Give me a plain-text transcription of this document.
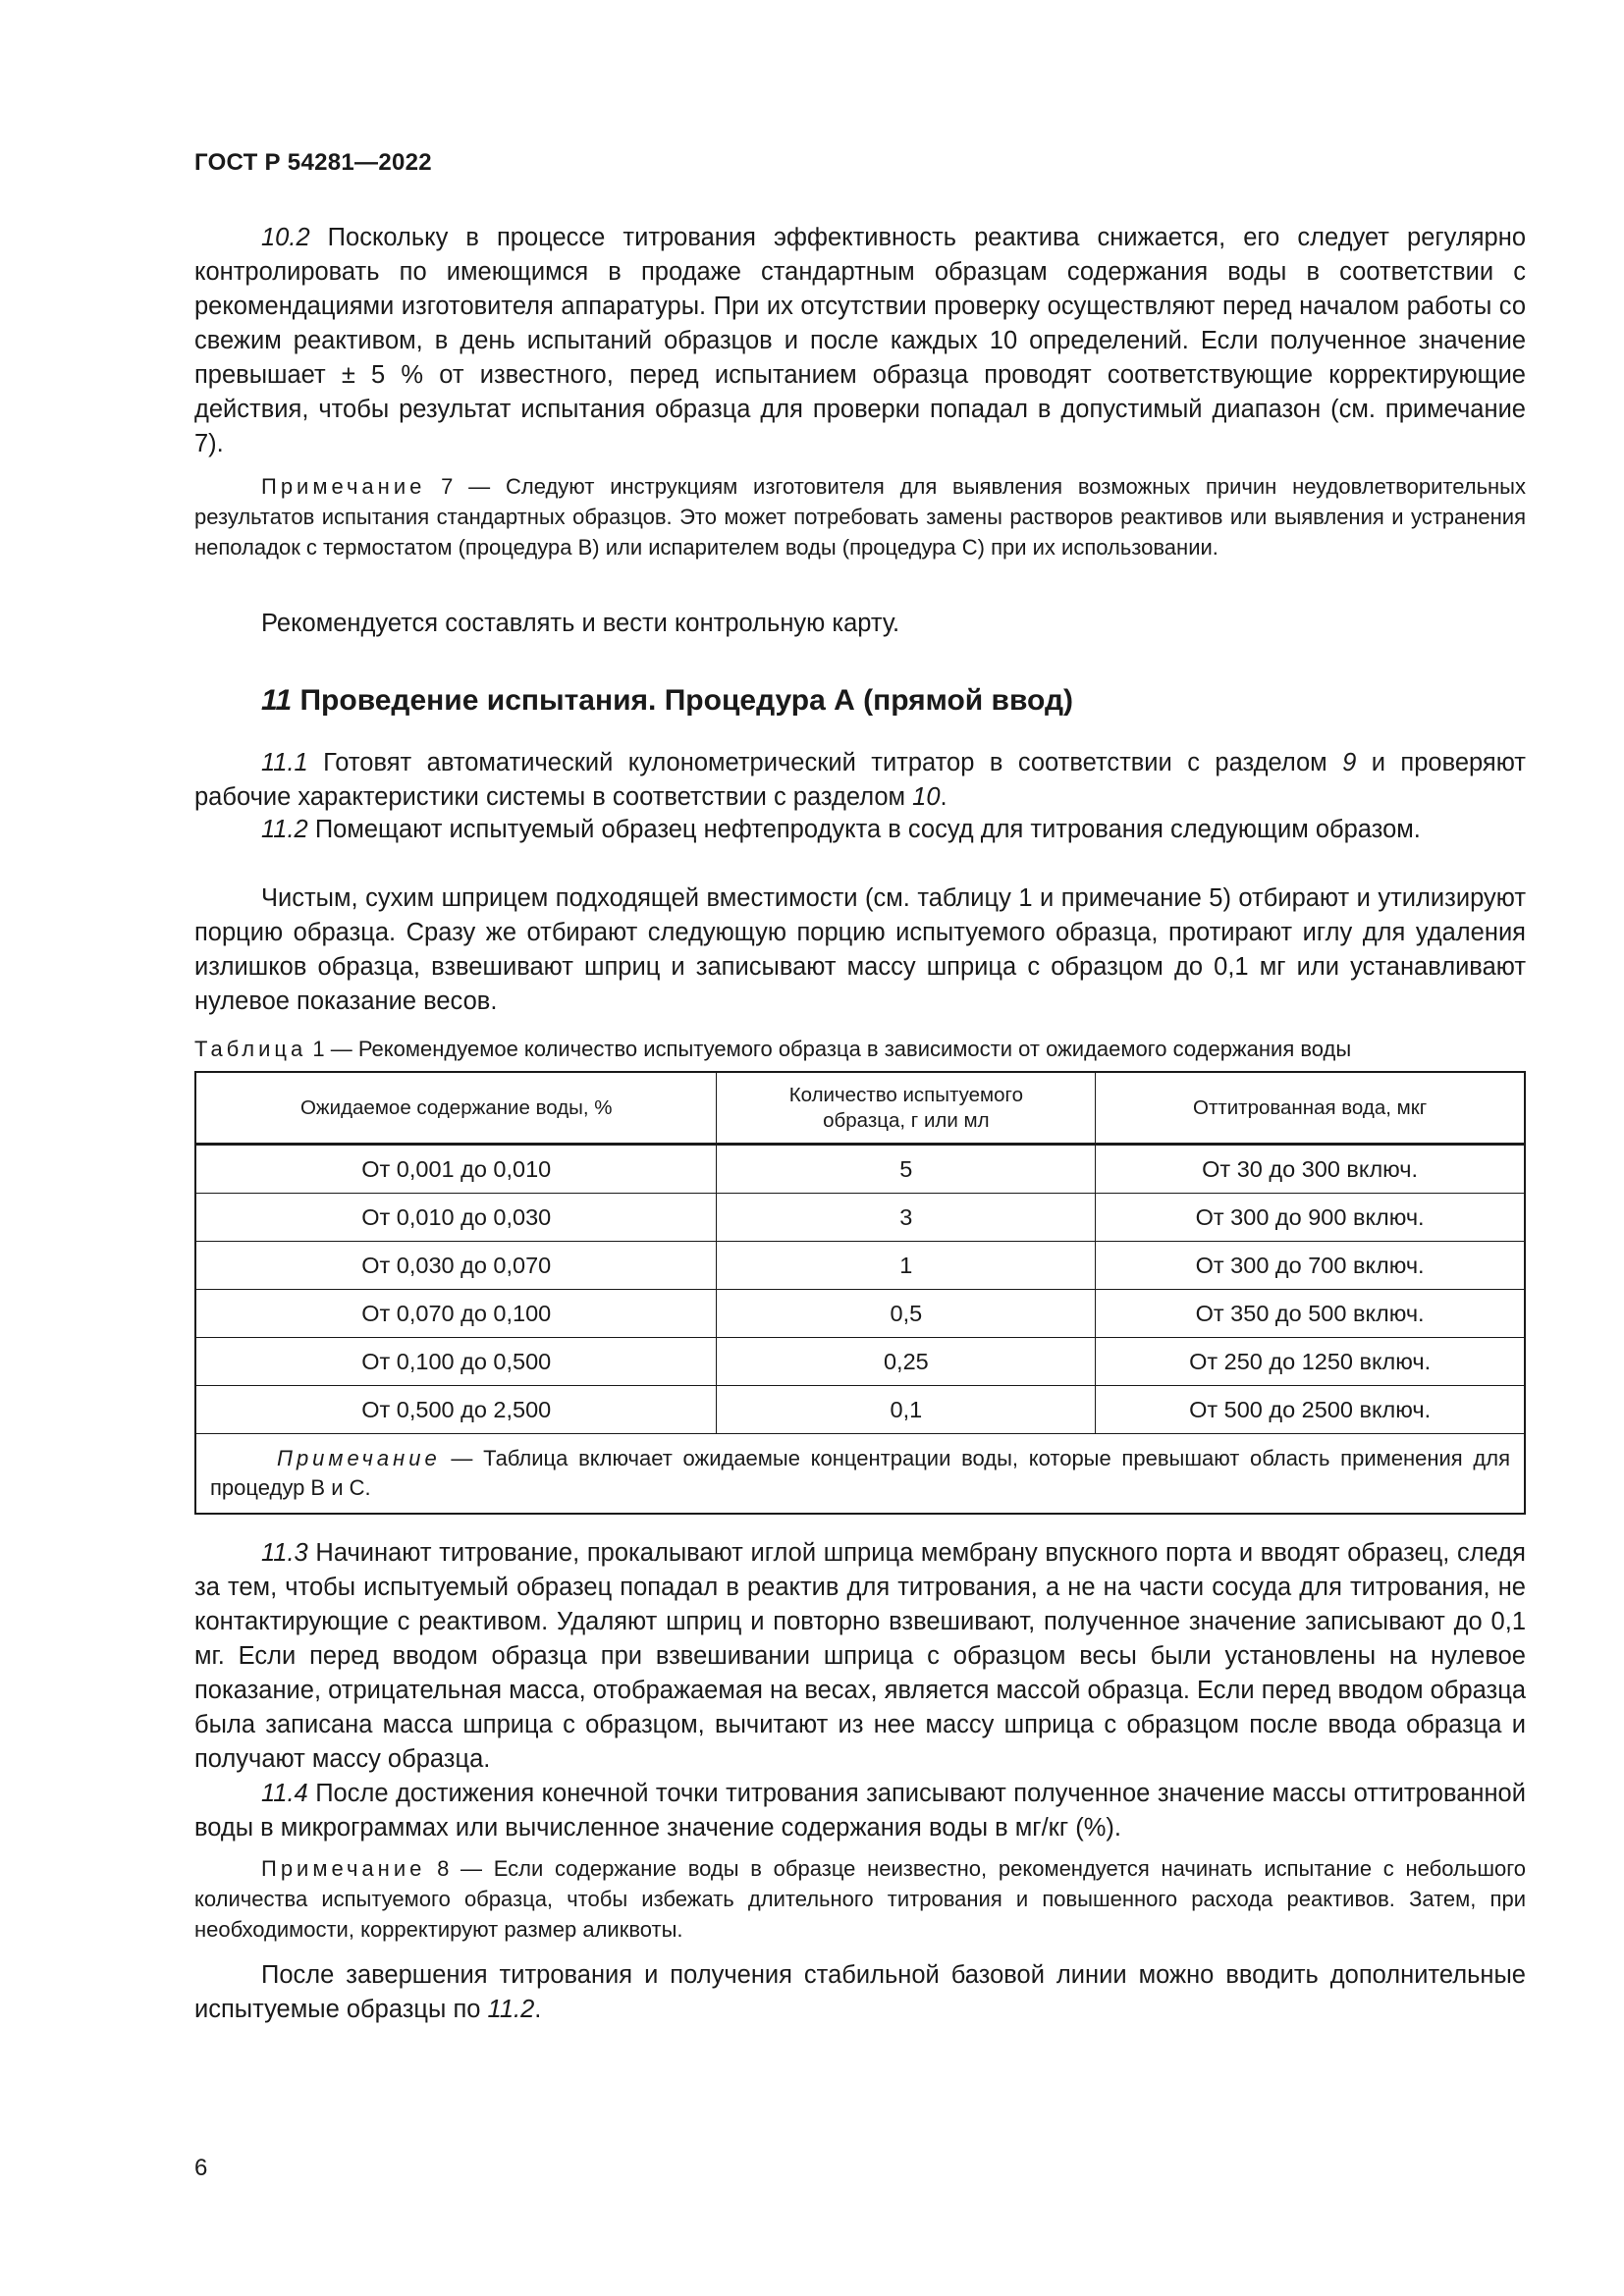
ГОСТ Р 54281—2022

10.2 Поскольку в процессе титрования эффективность реактива снижается, его следует регулярно контролировать по имеющимся в продаже стандартным образцам содержания воды в соответствии с рекомендациями изготовителя аппаратуры. При их отсутствии проверку осуществляют перед началом работы со свежим реактивом, в день испытаний образцов и после каждых 10 определений. Если полученное значение превышает ± 5 % от известного, перед испытанием образца проводят соответствующие корректирующие действия, чтобы результат испытания образца для проверки попадал в допустимый диапазон (см. примечание 7).

Примечание 7 — Следуют инструкциям изготовителя для выявления возможных причин неудовлетворительных результатов испытания стандартных образцов. Это может потребовать замены растворов реактивов или выявления и устранения неполадок с термостатом (процедура B) или испарителем воды (процедура C) при их использовании.

Рекомендуется составлять и вести контрольную карту.

11 Проведение испытания. Процедура А (прямой ввод)

11.1 Готовят автоматический кулонометрический титратор в соответствии с разделом 9 и проверяют рабочие характеристики системы в соответствии с разделом 10.

11.2 Помещают испытуемый образец нефтепродукта в сосуд для титрования следующим образом.

Чистым, сухим шприцем подходящей вместимости (см. таблицу 1 и примечание 5) отбирают и утилизируют порцию образца. Сразу же отбирают следующую порцию испытуемого образца, протирают иглу для удаления излишков образца, взвешивают шприц и записывают массу шприца с образцом до 0,1 мг или устанавливают нулевое показание весов.

Таблица 1 — Рекомендуемое количество испытуемого образца в зависимости от ожидаемого содержания воды

Ожидаемое содержание воды, %	Количество испытуемого образца, г или мл	Оттитрованная вода, мкг
От 0,001 до 0,010	5	От 30 до 300 включ.
От 0,010 до 0,030	3	От 300 до 900 включ.
От 0,030 до 0,070	1	От 300 до 700 включ.
От 0,070 до 0,100	0,5	От 350 до 500 включ.
От 0,100 до 0,500	0,25	От 250 до 1250 включ.
От 0,500 до 2,500	0,1	От 500 до 2500 включ.
Примечание — Таблица включает ожидаемые концентрации воды, которые превышают область применения для процедур B и C.		

11.3 Начинают титрование, прокалывают иглой шприца мембрану впускного порта и вводят образец, следя за тем, чтобы испытуемый образец попадал в реактив для титрования, а не на части сосуда для титрования, не контактирующие с реактивом. Удаляют шприц и повторно взвешивают, полученное значение записывают до 0,1 мг. Если перед вводом образца при взвешивании шприца с образцом весы были установлены на нулевое показание, отрицательная масса, отображаемая на весах, является массой образца. Если перед вводом образца была записана масса шприца с образцом, вычитают из нее массу шприца с образцом после ввода образца и получают массу образца.

11.4 После достижения конечной точки титрования записывают полученное значение массы оттитрованной воды в микрограммах или вычисленное значение содержания воды в мг/кг (%).

Примечание 8 — Если содержание воды в образце неизвестно, рекомендуется начинать испытание с небольшого количества испытуемого образца, чтобы избежать длительного титрования и повышенного расхода реактивов. Затем, при необходимости, корректируют размер аликвоты.

После завершения титрования и получения стабильной базовой линии можно вводить дополнительные испытуемые образцы по 11.2.

6
